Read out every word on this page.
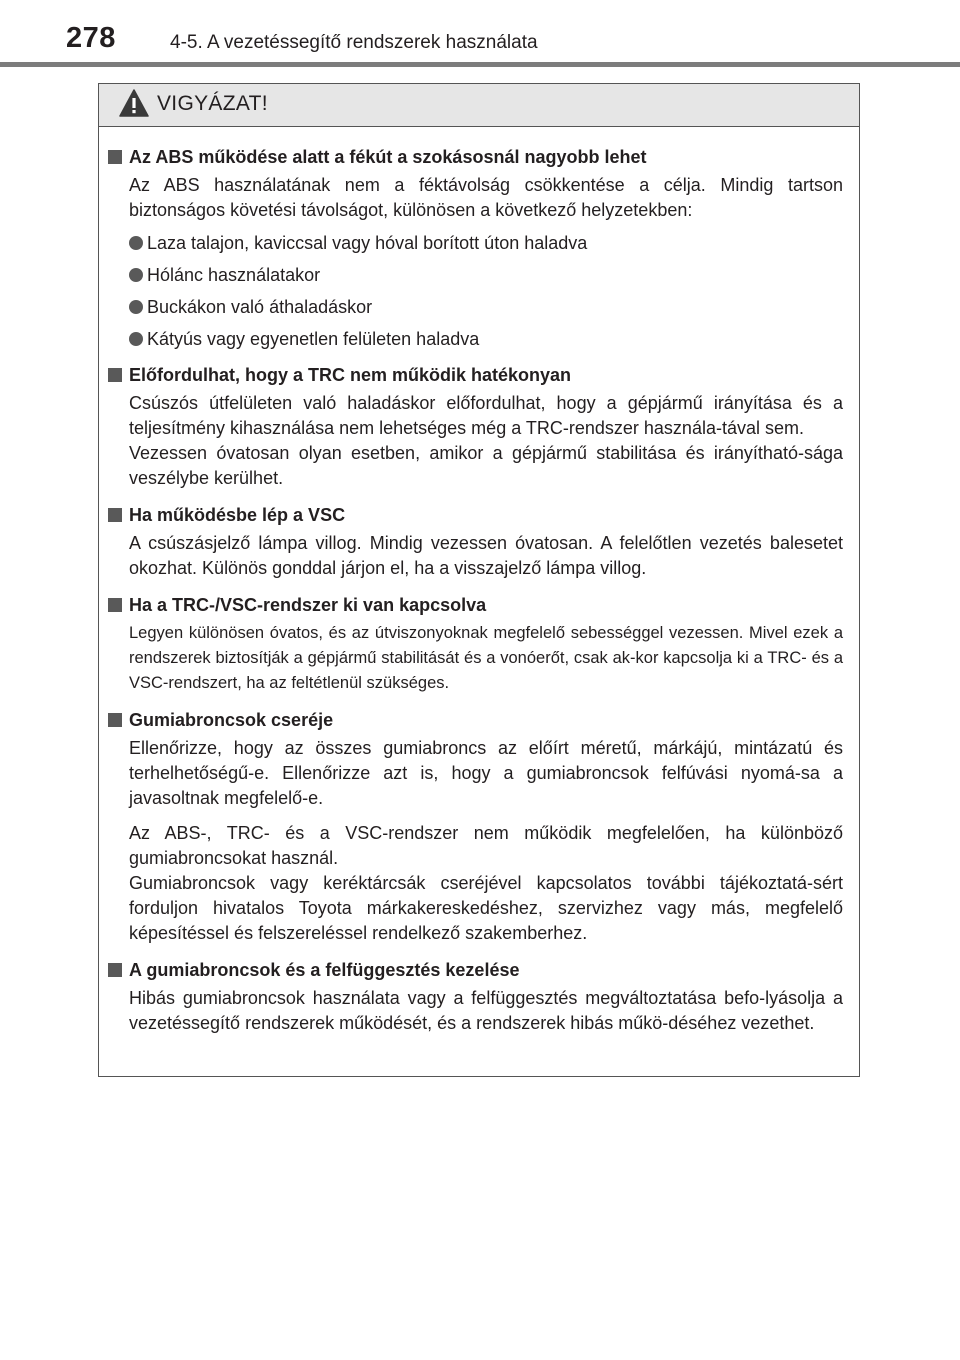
278	4-5. A vezetéssegítő rendszerek használata
VIGYÁZAT!
Az ABS működése alatt a fékút a szokásosnál nagyobb lehet
Az ABS használatának nem a féktávolság csökkentése a célja. Mindig tartson biztonságos követési távolságot, különösen a következő helyzetekben:
Laza talajon, kaviccsal vagy hóval borított úton haladva
Hólánc használatakor
Buckákon való áthaladáskor
Kátyús vagy egyenetlen felületen haladva
Előfordulhat, hogy a TRC nem működik hatékonyan
Csúszós útfelületen való haladáskor előfordulhat, hogy a gépjármű irányítása és a teljesítmény kihasználása nem lehetséges még a TRC-rendszer használa-tával sem.
Vezessen óvatosan olyan esetben, amikor a gépjármű stabilitása és irányítható-sága veszélybe kerülhet.
Ha működésbe lép a VSC
A csúszásjelző lámpa villog. Mindig vezessen óvatosan. A felelőtlen vezetés balesetet okozhat. Különös gonddal járjon el, ha a visszajelző lámpa villog.
Ha a TRC-/VSC-rendszer ki van kapcsolva
Legyen különösen óvatos, és az útviszonyoknak megfelelő sebességgel vezessen. Mivel ezek a rendszerek biztosítják a gépjármű stabilitását és a vonóerőt, csak ak-kor kapcsolja ki a TRC- és a VSC-rendszert, ha az feltétlenül szükséges.
Gumiabroncsok cseréje
Ellenőrizze, hogy az összes gumiabroncs az előírt méretű, márkájú, mintázatú és terhelhetőségű-e. Ellenőrizze azt is, hogy a gumiabroncsok felfúvási nyomá-sa a javasoltnak megfelelő-e.
Az ABS-, TRC- és a VSC-rendszer nem működik megfelelően, ha különböző gumiabroncsokat használ.
Gumiabroncsok vagy keréktárcsák cseréjével kapcsolatos további tájékoztatá-sért forduljon hivatalos Toyota márkakereskedéshez, szervizhez vagy más, megfelelő képesítéssel és felszereléssel rendelkező szakemberhez.
A gumiabroncsok és a felfüggesztés kezelése
Hibás gumiabroncsok használata vagy a felfüggesztés megváltoztatása befo-lyásolja a vezetéssegítő rendszerek működését, és a rendszerek hibás műkö-déséhez vezethet.
